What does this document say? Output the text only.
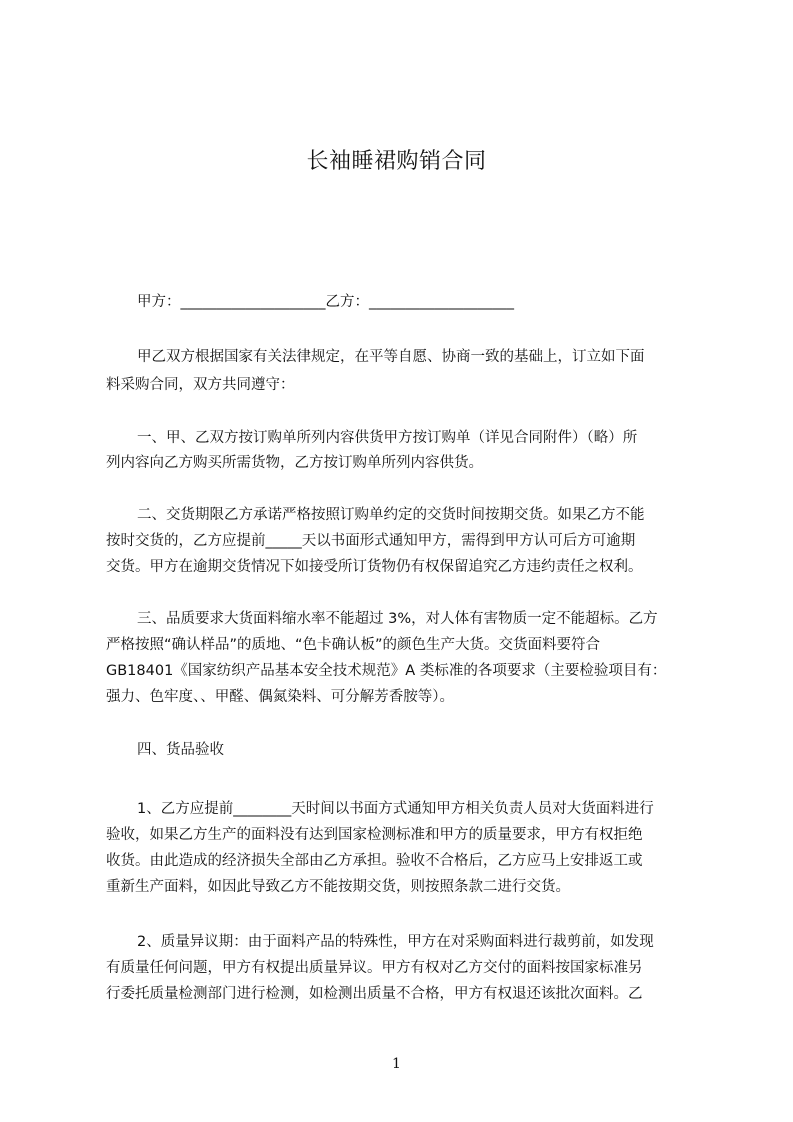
长袖睡裙购销合同
甲方：____________________乙方：____________________
甲乙双方根据国家有关法律规定，在平等自愿、协商一致的基础上，订立如下面
料采购合同，双方共同遵守：
一、甲、乙双方按订购单所列内容供货甲方按订购单（详见合同附件）（略）所
列内容向乙方购买所需货物，乙方按订购单所列内容供货。
二、交货期限乙方承诺严格按照订购单约定的交货时间按期交货。如果乙方不能
按时交货的，乙方应提前_____天以书面形式通知甲方，需得到甲方认可后方可逾期
交货。甲方在逾期交货情况下如接受所订货物仍有权保留追究乙方违约责任之权利。
三、品质要求大货面料缩水率不能超过 3%，对人体有害物质一定不能超标。乙方
严格按照“确认样品”的质地、“色卡确认板”的颜色生产大货。交货面料要符合
GB18401《国家纺织产品基本安全技术规范》A 类标准的各项要求（主要检验项目有：
强力、色牢度、、甲醛、偶氮染料、可分解芳香胺等）。
四、货品验收
1、乙方应提前________天时间以书面方式通知甲方相关负责人员对大货面料进行
验收，如果乙方生产的面料没有达到国家检测标准和甲方的质量要求，甲方有权拒绝
收货。由此造成的经济损失全部由乙方承担。验收不合格后，乙方应马上安排返工或
重新生产面料，如因此导致乙方不能按期交货，则按照条款二进行交货。
2、质量异议期：由于面料产品的特殊性，甲方在对采购面料进行裁剪前，如发现
有质量任何问题，甲方有权提出质量异议。甲方有权对乙方交付的面料按国家标准另
行委托质量检测部门进行检测，如检测出质量不合格，甲方有权退还该批次面料。乙
1
